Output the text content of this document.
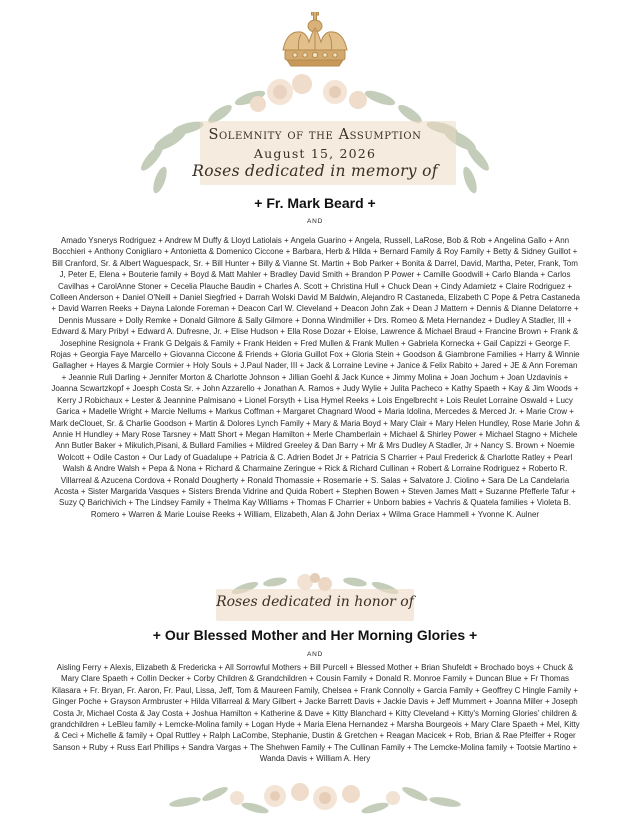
Solemnity of the Assumption
August 15, 2026
Roses dedicated in memory of
+ Fr. Mark Beard +
AND

Amado Ysnerys Rodriguez + Andrew M Duffy & Lloyd Latiolais + Angela Guarino + Angela, Russell, LaRose, Bob & Rob + Angelina Gallo + Ann Bocchieri + Anthony Conigliaro + Antonietta & Domenico Ciccone + Barbara, Herb & Hilda + Bernard Family & Roy Family + Betty & Sidney Guillot + Bill Cranford, Sr. & Albert Waguespack, Sr. + Bill Hunter + Billy & Vianne St. Martin + Bob Parker + Bonita & Darrel, David, Martha, Peter, Frank, Tom J, Peter E, Elena + Bouterie family + Boyd & Matt Mahler + Bradley David Smith + Brandon P Power + Camille Goodwill + Carlo Blanda + Carlos Cavilhas + CarolAnne Stoner + Cecelia Plauche Baudin + Charles A. Scott + Christina Hull + Chuck Dean + Cindy Adamietz + Claire Rodriguez + Colleen Anderson + Daniel O'Neill + Daniel Siegfried + Darrah Wolski David M Baldwin, Alejandro R Castaneda, Elizabeth C Pope & Petra Castaneda + David Warren Reeks + Dayna Lalonde Foreman + Deacon Carl W. Cleveland + Deacon John Zak + Dean J Mattern + Dennis & Dianne Delatorre + Dennis Mussare + Dolly Remke + Donald Gilmore & Sally Gilmore + Donna Windmiller + Drs. Romeo & Meta Hernandez + Dudley A Stadler, III + Edward & Mary Pribyl + Edward A. Dufresne, Jr. + Elise Hudson + Ella Rose Dozar + Eloise, Lawrence & Michael Braud + Francine Brown + Frank & Josephine Resignola + Frank G Delgais & Family + Frank Heiden + Fred Mullen & Frank Mullen + Gabriela Kornecka + Gail Capizzi + George F. Rojas + Georgia Faye Marcello + Giovanna Ciccone & Friends + Gloria Guillot Fox + Gloria Stein + Goodson & Giambrone Families + Harry & Winnie Gallagher + Hayes & Margie Cormier + Holy Souls + J.Paul Nader, III + Jack & Lorraine Levine + Janice & Felix Rabito + Jared + JE & Ann Foreman + Jeannie Ruli Darling + Jennifer Morton & Charlotte Johnson + Jillian Goehl & Jack Kunce + Jimmy Molina + Joan Jochum + Joan Uzdavinis + Joanna Scwartzkopf + Joesph Costa Sr. + John Azzarello + Jonathan A. Ramos + Judy Wylie + Julita Pacheco + Kathy Spaeth + Kay & Jim Woods + Kerry J Robichaux + Lester & Jeannine Palmisano + Lionel Forsyth + Lisa Hymel Reeks + Lois Engelbrecht + Lois Reulet Lorraine Oswald + Lucy Garica + Madelle Wright + Marcie Nellums + Markus Coffman + Margaret Chagnard Wood + Maria Idolina, Mercedes & Merced Jr. + Marie Crow + Mark deClouet, Sr. & Charlie Goodson + Martin & Dolores Lynch Family + Mary & Maria Boyd + Mary Clair + Mary Helen Hundley, Rose Marie John & Annie H Hundley + Mary Rose Tarsney + Matt Short + Megan Hamilton + Merle Chamberlain + Michael & Shirley Power + Michael Stagno + Michele Ann Butler Baker + Mikulich,Pisani, & Bullard Families + Mildred Greeley & Dan Barry + Mr & Mrs Dudley A Stadler, Jr + Nancy S. Brown + Noemie Wolcott + Odile Caston + Our Lady of Guadalupe + Patricia & C. Adrien Bodet Jr + Patricia S Charrier + Paul Frederick & Charlotte Ratley + Pearl Walsh & Andre Walsh + Pepa & Nona + Richard & Charmaine Zeringue + Rick & Richard Cullinan + Robert & Lorraine Rodriguez + Roberto R. Villarreal & Azucena Cordova + Ronald Dougherty + Ronald Thomassie + Rosemarie + S. Salas + Salvatore J. Ciolino + Sara De La Candelaria Acosta + Sister Margarida Vasques + Sisters Brenda Vidrine and Quida Robert + Stephen Bowen + Steven James Matt + Suzanne Pfefferle Tafur + Suzy Q Barichivich + The Lindsey Family + Thelma Kay Williams + Thomas F Charrier + Unborn babies + Vachris & Quatela families + Violeta B. Romero + Warren & Marie Louise Reeks + William, Elizabeth, Alan & John Deriax + Wilma Grace Hammell + Yvonne K. Aulner

Roses dedicated in honor of
+ Our Blessed Mother and Her Morning Glories +
AND

Aisling Ferry + Alexis, Elizabeth & Fredericka + All Sorrowful Mothers + Bill Purcell + Blessed Mother + Brian Shufeldt + Brochado boys + Chuck & Mary Clare Spaeth + Collin Decker + Corby Children & Grandchildren + Cousin Family + Donald R. Monroe Family + Duncan Blue + Fr Thomas Kilasara + Fr. Bryan, Fr. Aaron, Fr. Paul, Lissa, Jeff, Tom & Maureen Family, Chelsea + Frank Connolly + Garcia Family + Geoffrey C Hingle Family + Ginger Poche + Grayson Armbruster + Hilda Villarreal & Mary Gilbert + Jacke Barrett Davis + Jackie Davis + Jeff Mummert + Joanna Miller + Joseph Costa Jr, Michael Costa & Jay Costa + Joshua Hamilton + Katherine & Dave + Kitty Blanchard + Kitty Cleveland + Kitty's Morning Glories' children & grandchildren + LeBleu family + Lemcke-Molina family + Logan Hyde + Maria Elena Hernandez + Marsha Bourgeois + Mary Clare Spaeth + Mel, Kitty & Ceci + Michelle & family + Opal Ruttley + Ralph LaCombe, Stephanie, Dustin & Gretchen + Reagan Macicek + Rob, Brian & Rae Pfeiffer + Roger Sanson + Ruby + Russ Earl Phillips + Sandra Vargas + The Shehwen Family + The Cullinan Family + The Lemcke-Molina family + Tootsie Martino + Wanda Davis + William A. Hery
